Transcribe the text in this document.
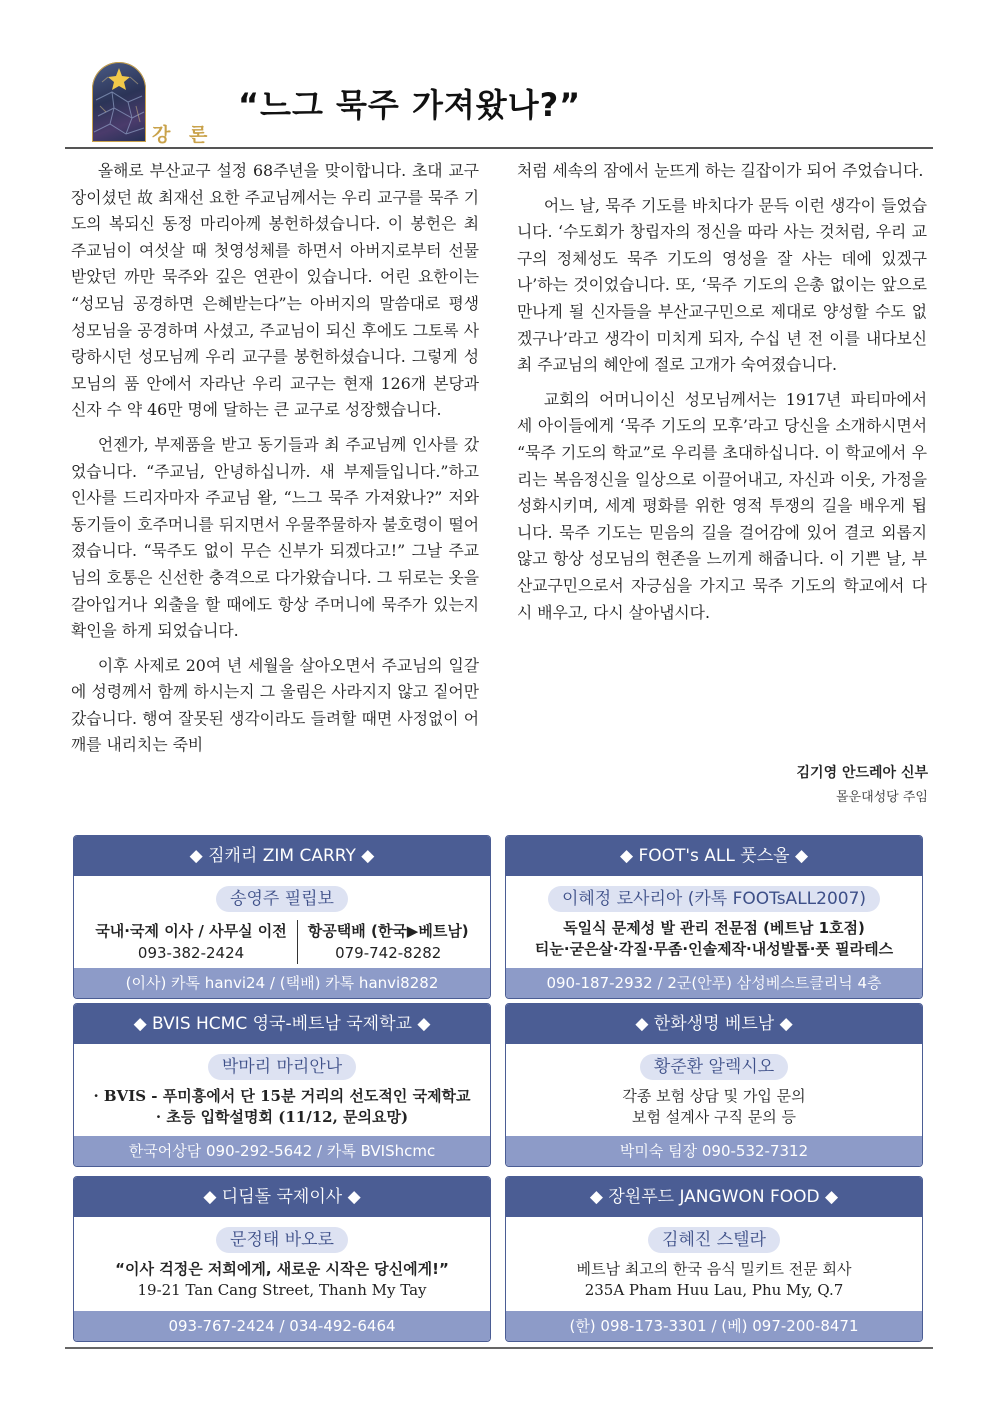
강 론
“느그 묵주 가져왔나?”

올해로 부산교구 설정 68주년을 맞이합니다. 초대 교구장이셨던 故 최재선 요한 주교님께서는 우리 교구를 묵주 기도의 복되신 동정 마리아께 봉헌하셨습니다. 이 봉헌은 최 주교님이 여섯살 때 첫영성체를 하면서 아버지로부터 선물받았던 까만 묵주와 깊은 연관이 있습니다. 어린 요한이는 “성모님 공경하면 은혜받는다”는 아버지의 말씀대로 평생 성모님을 공경하며 사셨고, 주교님이 되신 후에도 그토록 사랑하시던 성모님께 우리 교구를 봉헌하셨습니다. 그렇게 성모님의 품 안에서 자라난 우리 교구는 현재 126개 본당과 신자 수 약 46만 명에 달하는 큰 교구로 성장했습니다.

언젠가, 부제품을 받고 동기들과 최 주교님께 인사를 갔었습니다. “주교님, 안녕하십니까. 새 부제들입니다.”하고 인사를 드리자마자 주교님 왈, “느그 묵주 가져왔나?” 저와 동기들이 호주머니를 뒤지면서 우물쭈물하자 불호령이 떨어졌습니다. “묵주도 없이 무슨 신부가 되겠다고!” 그날 주교님의 호통은 신선한 충격으로 다가왔습니다. 그 뒤로는 옷을 갈아입거나 외출을 할 때에도 항상 주머니에 묵주가 있는지 확인을 하게 되었습니다.

이후 사제로 20여 년 세월을 살아오면서 주교님의 일갈에 성령께서 함께 하시는지 그 울림은 사라지지 않고 짙어만 갔습니다. 행여 잘못된 생각이라도 들려할 때면 사정없이 어깨를 내리치는 죽비

처럼 세속의 잠에서 눈뜨게 하는 길잡이가 되어 주었습니다.

어느 날, 묵주 기도를 바치다가 문득 이런 생각이 들었습니다. ‘수도회가 창립자의 정신을 따라 사는 것처럼, 우리 교구의 정체성도 묵주 기도의 영성을 잘 사는 데에 있겠구나’하는 것이었습니다. 또, ‘묵주 기도의 은총 없이는 앞으로 만나게 될 신자들을 부산교구민으로 제대로 양성할 수도 없겠구나’라고 생각이 미치게 되자, 수십 년 전 이를 내다보신 최 주교님의 혜안에 절로 고개가 숙여졌습니다.

교회의 어머니이신 성모님께서는 1917년 파티마에서 세 아이들에게 ‘묵주 기도의 모후’라고 당신을 소개하시면서 “묵주 기도의 학교”로 우리를 초대하십니다. 이 학교에서 우리는 복음정신을 일상으로 이끌어내고, 자신과 이웃, 가정을 성화시키며, 세계 평화를 위한 영적 투쟁의 길을 배우게 됩니다. 묵주 기도는 믿음의 길을 걸어감에 있어 결코 외롭지 않고 항상 성모님의 현존을 느끼게 해줍니다. 이 기쁜 날, 부산교구민으로서 자긍심을 가지고 묵주 기도의 학교에서 다시 배우고, 다시 살아냅시다.

김기영 안드레아 신부
몰운대성당 주임
◆ 짐캐리 ZIM CARRY ◆
송영주 필립보
국내·국제 이사 / 사무실 이전
093-382-2424
항공택배 (한국▶베트남)
079-742-8282
(이사) 카톡 hanvi24 / (택배) 카톡 hanvi8282
◆ FOOT's ALL 풋스올 ◆
이혜정 로사리아 (카톡 FOOTsALL2007)
독일식 문제성 발 관리 전문점 (베트남 1호점)
티눈·굳은살·각질·무좀·인솔제작·내성발톱·풋 필라테스
090-187-2932 / 2군(안푸) 삼성베스트클리닉 4층
◆ BVIS HCMC 영국-베트남 국제학교 ◆
박마리 마리안나
· BVIS - 푸미흥에서 단 15분 거리의 선도적인 국제학교
· 초등 입학설명회 (11/12, 문의요망)
한국어상담 090-292-5642 / 카톡 BVIShcmc
◆ 한화생명 베트남 ◆
황준환 알렉시오
각종 보험 상담 및 가입 문의
보험 설계사 구직 문의 등
박미숙 팀장 090-532-7312
◆ 디딤돌 국제이사 ◆
문정태 바오로
“이사 걱정은 저희에게, 새로운 시작은 당신에게!”
19-21 Tan Cang Street, Thanh My Tay
093-767-2424 / 034-492-6464
◆ 장원푸드 JANGWON FOOD ◆
김혜진 스텔라
베트남 최고의 한국 음식 밀키트 전문 회사
235A Pham Huu Lau, Phu My, Q.7
(한) 098-173-3301 / (베) 097-200-8471
